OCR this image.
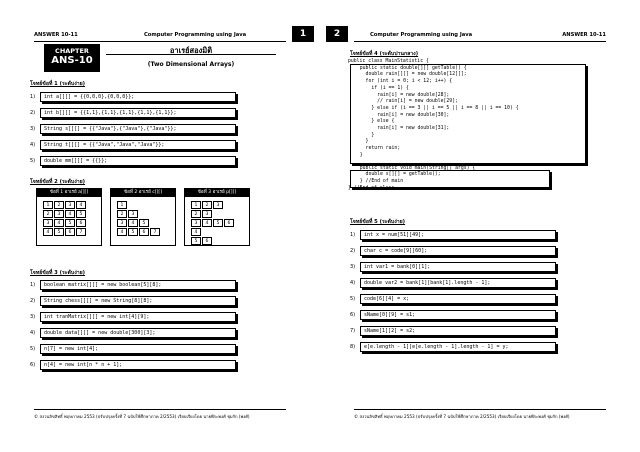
ANSWER 10-11	Computer Programming using Java	1
CHAPTER
ANS-10
อาเรย์สองมิติ
(Two Dimensional Arrays)
โจทย์ข้อที่ 1 (ระดับง่าย)
1)	int a[][] = {{0,0,0},{0,0,0}};
2)	int b[][] = {{1,1},{1,1},{1,1},{1,1},{1,1}};
3)	String s[][] = {{"Java"},{"Java"},{"Java"}};
4)	String t[][] = {{"Java","Java","Java"}};
5)	double mm[][] = {{}};
โจทย์ข้อที่ 2 (ระดับง่าย)
ข้อที่ 1 อาเรย์ a[][]
1	2	3	4
2	3	4	5
3	4	5	6
4	5	6	7
ข้อที่ 2 อาเรย์ c[][]
1
2	3
3	4	5
4	5	6	7
ข้อที่ 3 อาเรย์ p[][]
1	2	3
2	3
3	4	5	6
4
5	6
โจทย์ข้อที่ 3 (ระดับง่าย)
1)	boolean matrix[][] = new boolean[5][8];
2)	String chess[][] = new String[8][8];
3)	int tranMatrix[][] = new int[4][9];
4)	double data[][] = new double[300][3];
5)	n[7] = new int[4];
6)	n[4] = new int[n * n + 1];
© สงวนลิขสิทธิ์ พฤษภาคม 2553 (ปรับปรุงครั้งที่ 7 ฉบับใช้ศึกษาภาค 2/2553) เรียบเรียงโดย นายพีระพงศ์ ชุมรัก (พงศ์)
Computer Programming using Java	ANSWER 10-11
2
โจทย์ข้อที่ 4 (ระดับปานกลาง)
public class MainStatistic {
public static double[][] getTable() {
double rain[][] = new double[12][];
for (int i = 0; i < 12; i++) {
if (i == 1) {
rain[i] = new double[28];
// rain[i] = new double[29];
} else if (i == 3 || i == 5 || i == 8 || i == 10) {
rain[i] = new double[30];
} else {
rain[i] = new double[31];
}
}
return rain;
}
public static void main(String[] args) {
double s[][] = getTable();
} //End of main
} //End of class
โจทย์ข้อที่ 5 (ระดับง่าย)
1)	int x = num[51][49];
2)	char c = code[9][60];
3)	int var1 = bank[0][1];
4)	double var2 = bank[1][bank[1].length - 1];
5)	code[6][4] = x;
6)	sName[0][9] = s1;
7)	sName[1][2] = s2;
8)	e[e.length - 1][e[e.length - 1].length - 1] = y;
© สงวนลิขสิทธิ์ พฤษภาคม 2553 (ปรับปรุงครั้งที่ 7 ฉบับใช้ศึกษาภาค 2/2553) เรียบเรียงโดย นายพีระพงศ์ ชุมรัก (พงศ์)
